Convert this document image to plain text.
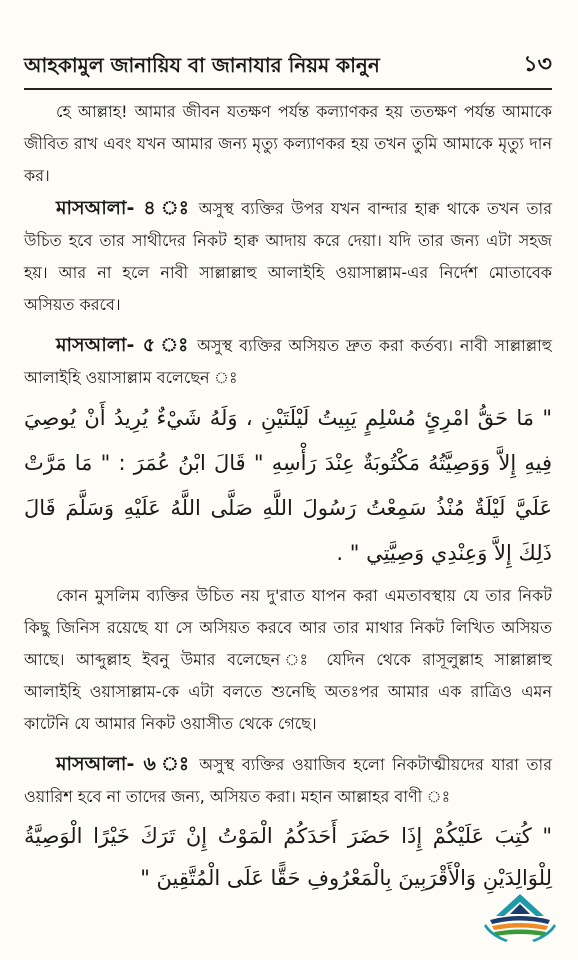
আহকামুল জানায়িয বা জানাযার নিয়ম কানুন	১৩

হে আল্লাহ! আমার জীবন যতক্ষণ পর্যন্ত কল্যাণকর হয় ততক্ষণ পর্যন্ত আমাকে জীবিত রাখ এবং যখন আমার জন্য মৃত্যু কল্যাণকর হয় তখন তুমি আমাকে মৃত্যু দান কর।

মাসআলা- ৪ ঃ অসুস্থ ব্যক্তির উপর যখন বান্দার হাক্ব থাকে তখন তার উচিত হবে তার সাথীদের নিকট হাক্ব আদায় করে দেয়া। যদি তার জন্য এটা সহজ হয়। আর না হলে নাবী সাল্লাল্লাহু আলাইহি ওয়াসাল্লাম-এর নির্দেশ মোতাবেক অসিয়ত করবে।

মাসআলা- ৫ ঃ অসুস্থ ব্যক্তির অসিয়ত দ্রুত করা কর্তব্য। নাবী সাল্লাল্লাহু আলাইহি ওয়াসাল্লাম বলেছেন ঃ

" مَا حَقُّ امْرِئٍ مُسْلِمٍ يَبِيتُ لَيْلَتَيْنِ ، وَلَهُ شَيْءٌ يُرِيدُ أَنْ يُوصِيَ فِيهِ إِلاَّ وَوَصِيَّتُهُ مَكْتُوبَةٌ عِنْدَ رَأْسِهِ " قَالَ ابْنُ عُمَرَ : " مَا مَرَّتْ عَلَيَّ لَيْلَةٌ مُنْذُ سَمِعْتُ رَسُولَ اللَّهِ صَلَّى اللَّهُ عَلَيْهِ وَسَلَّمَ قَالَ ذَلِكَ إِلاَّ وَعِنْدِي وَصِيَّتِي " .

কোন মুসলিম ব্যক্তির উচিত নয় দু'রাত যাপন করা এমতাবস্থায় যে তার নিকট কিছু জিনিস রয়েছে যা সে অসিয়ত করবে আর তার মাথার নিকট লিখিত অসিয়ত আছে। আব্দুল্লাহ ইবনু উমার বলেছেন ঃ যেদিন থেকে রাসূলুল্লাহ সাল্লাল্লাহু আলাইহি ওয়াসাল্লাম-কে এটা বলতে শুনেছি অতঃপর আমার এক রাত্রিও এমন কাটেনি যে আমার নিকট ওয়াসীত থেকে গেছে।

মাসআলা- ৬ ঃ অসুস্থ ব্যক্তির ওয়াজিব হলো নিকটাত্মীয়দের যারা তার ওয়ারিশ হবে না তাদের জন্য, অসিয়ত করা। মহান আল্লাহর বাণী ঃ

" كُتِبَ عَلَيْكُمْ إِذَا حَضَرَ أَحَدَكُمُ الْمَوْتُ إِنْ تَرَكَ خَيْرًا الْوَصِيَّةُ لِلْوَالِدَيْنِ وَالْأَقْرَبِينَ بِالْمَعْرُوفِ حَقًّا عَلَى الْمُتَّقِينَ "
